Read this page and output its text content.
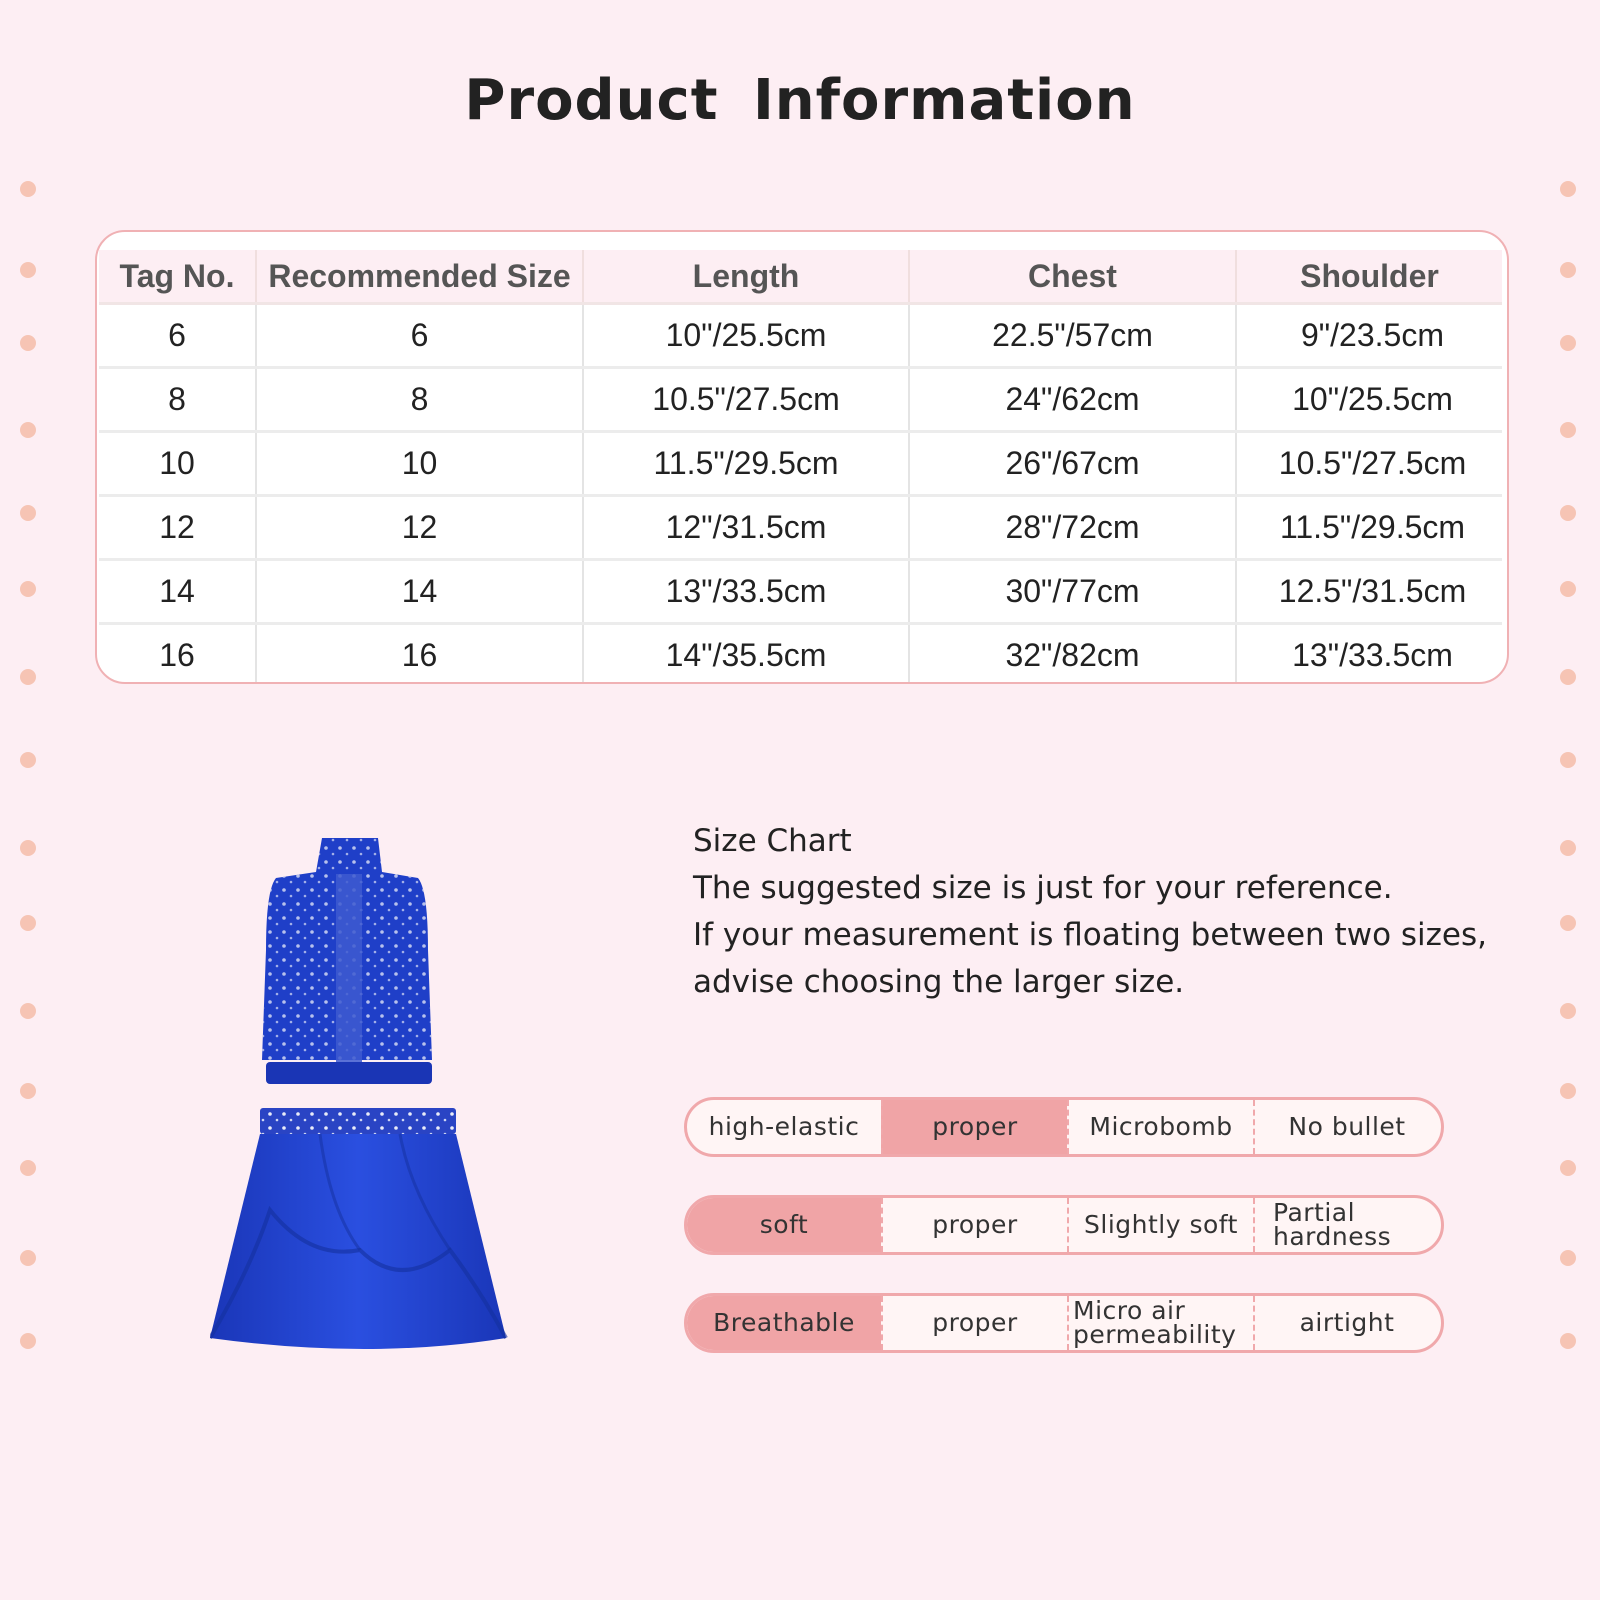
Product Information
Tag No.	Recommended Size	Length	Chest	Shoulder
6	6	10"/25.5cm	22.5"/57cm	9"/23.5cm
8	8	10.5"/27.5cm	24"/62cm	10"/25.5cm
10	10	11.5"/29.5cm	26"/67cm	10.5"/27.5cm
12	12	12"/31.5cm	28"/72cm	11.5"/29.5cm
14	14	13"/33.5cm	30"/77cm	12.5"/31.5cm
16	16	14"/35.5cm	32"/82cm	13"/33.5cm
Size Chart
The suggested size is just for your reference.
If your measurement is floating between two sizes,
advise choosing the larger size.
high-elastic	proper	Microbomb	No bullet
soft	proper	Slightly soft	Partial hardness
Breathable	proper	Micro air permeability	airtight
